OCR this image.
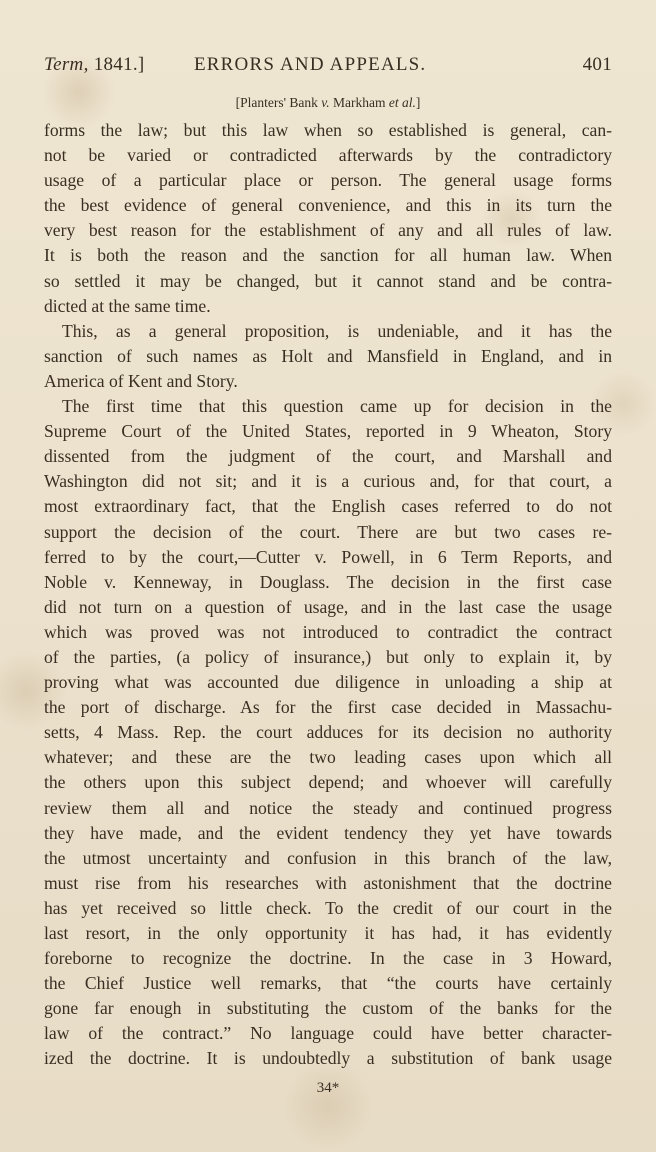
Term, 1841.]	ERRORS AND APPEALS.	401
[Planters' Bank v. Markham et al.]
forms the law; but this law when so established is general, can-
not be varied or contradicted afterwards by the contradictory
usage of a particular place or person. The general usage forms
the best evidence of general convenience, and this in its turn the
very best reason for the establishment of any and all rules of law.
It is both the reason and the sanction for all human law. When
so settled it may be changed, but it cannot stand and be contra-
dicted at the same time.
This, as a general proposition, is undeniable, and it has the
sanction of such names as Holt and Mansfield in England, and in
America of Kent and Story.
The first time that this question came up for decision in the
Supreme Court of the United States, reported in 9 Wheaton, Story
dissented from the judgment of the court, and Marshall and
Washington did not sit; and it is a curious and, for that court, a
most extraordinary fact, that the English cases referred to do not
support the decision of the court. There are but two cases re-
ferred to by the court,—Cutter v. Powell, in 6 Term Reports, and
Noble v. Kenneway, in Douglass. The decision in the first case
did not turn on a question of usage, and in the last case the usage
which was proved was not introduced to contradict the contract
of the parties, (a policy of insurance,) but only to explain it, by
proving what was accounted due diligence in unloading a ship at
the port of discharge. As for the first case decided in Massachu-
setts, 4 Mass. Rep. the court adduces for its decision no authority
whatever; and these are the two leading cases upon which all
the others upon this subject depend; and whoever will carefully
review them all and notice the steady and continued progress
they have made, and the evident tendency they yet have towards
the utmost uncertainty and confusion in this branch of the law,
must rise from his researches with astonishment that the doctrine
has yet received so little check. To the credit of our court in the
last resort, in the only opportunity it has had, it has evidently
foreborne to recognize the doctrine. In the case in 3 Howard,
the Chief Justice well remarks, that “the courts have certainly
gone far enough in substituting the custom of the banks for the
law of the contract.” No language could have better character-
ized the doctrine. It is undoubtedly a substitution of bank usage
34*
